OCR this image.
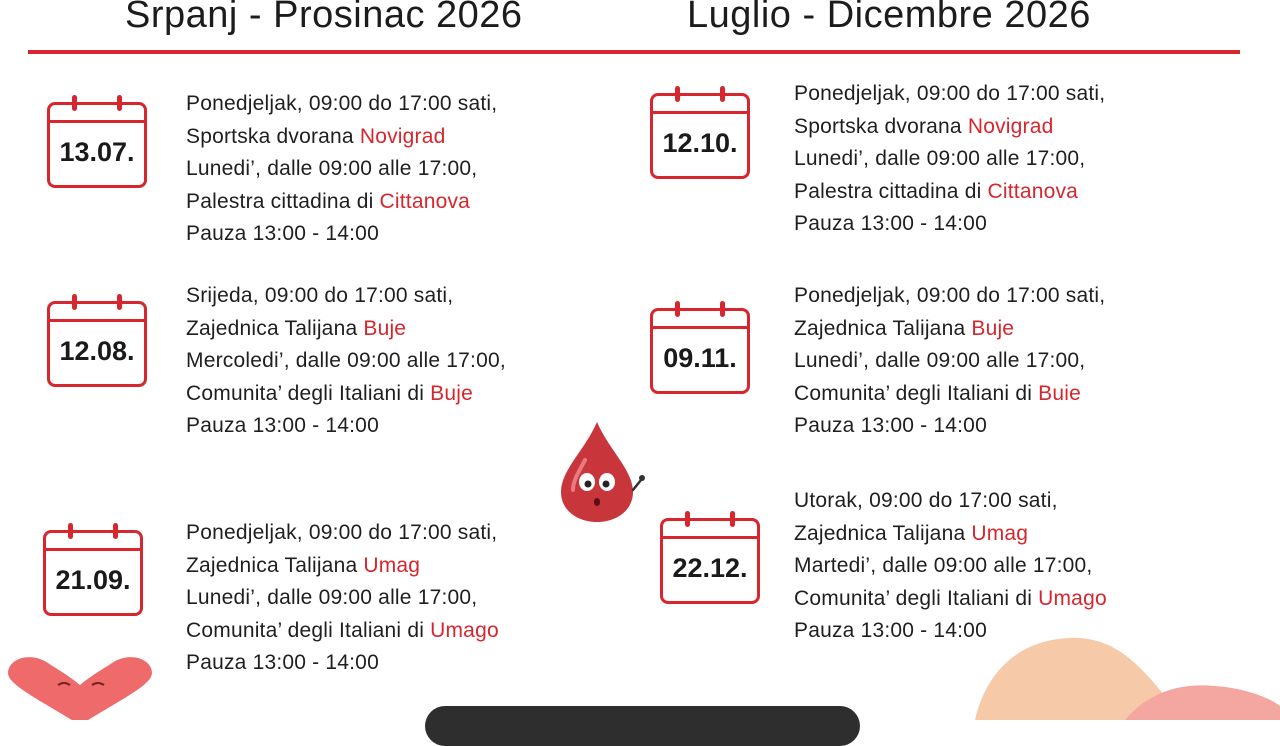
Srpanj - Prosinac 2026	Luglio - Dicembre 2026
13.07.
Ponedjeljak, 09:00 do 17:00 sati,
Sportska dvorana Novigrad
Lunedi’, dalle 09:00 alle 17:00,
Palestra cittadina di Cittanova
Pauza 13:00 - 14:00
12.08.
Srijeda, 09:00 do 17:00 sati,
Zajednica Talijana Buje
Mercoledi’, dalle 09:00 alle 17:00,
Comunita’ degli Italiani di Buje
Pauza 13:00 - 14:00
21.09.
Ponedjeljak, 09:00 do 17:00 sati,
Zajednica Talijana Umag
Lunedi’, dalle 09:00 alle 17:00,
Comunita’ degli Italiani di Umago
Pauza 13:00 - 14:00
12.10.
Ponedjeljak, 09:00 do 17:00 sati,
Sportska dvorana Novigrad
Lunedi’, dalle 09:00 alle 17:00,
Palestra cittadina di Cittanova
Pauza 13:00 - 14:00
09.11.
Ponedjeljak, 09:00 do 17:00 sati,
Zajednica Talijana Buje
Lunedi’, dalle 09:00 alle 17:00,
Comunita’ degli Italiani di Buie
Pauza 13:00 - 14:00
22.12.
Utorak, 09:00 do 17:00 sati,
Zajednica Talijana Umag
Martedi’, dalle 09:00 alle 17:00,
Comunita’ degli Italiani di Umago
Pauza 13:00 - 14:00
